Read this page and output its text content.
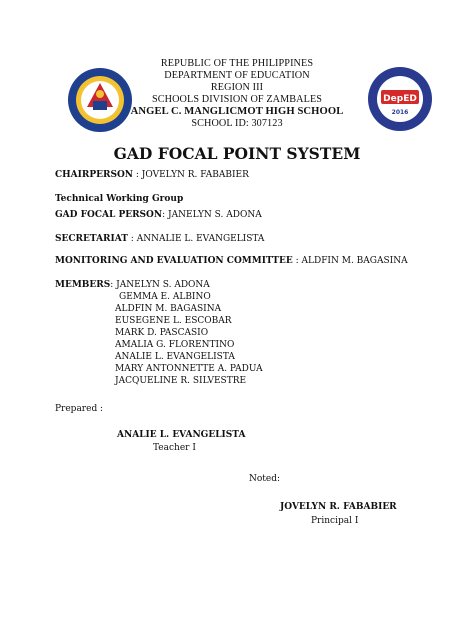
DepED
2016
REPUBLIC OF THE PHILIPPINES
DEPARTMENT OF EDUCATION
REGION III
SCHOOLS DIVISION OF ZAMBALES
ANGEL C. MANGLICMOT HIGH SCHOOL
SCHOOL ID: 307123
GAD FOCAL POINT SYSTEM
CHAIRPERSON : JOVELYN R. FABABIER
Technical Working Group
GAD FOCAL PERSON: JANELYN S. ADONA
SECRETARIAT : ANNALIE L. EVANGELISTA
MONITORING AND EVALUATION COMMITTEE : ALDFIN M. BAGASINA
MEMBERS: JANELYN S. ADONA
GEMMA E. ALBINO
ALDFIN M. BAGASINA
EUSEGENE L. ESCOBAR
MARK D. PASCASIO
AMALIA G. FLORENTINO
ANALIE L. EVANGELISTA
MARY ANTONNETTE A. PADUA
JACQUELINE R. SILVESTRE
Prepared :
ANALIE L. EVANGELISTA
Teacher I
Noted:
JOVELYN R. FABABIER
Principal I
